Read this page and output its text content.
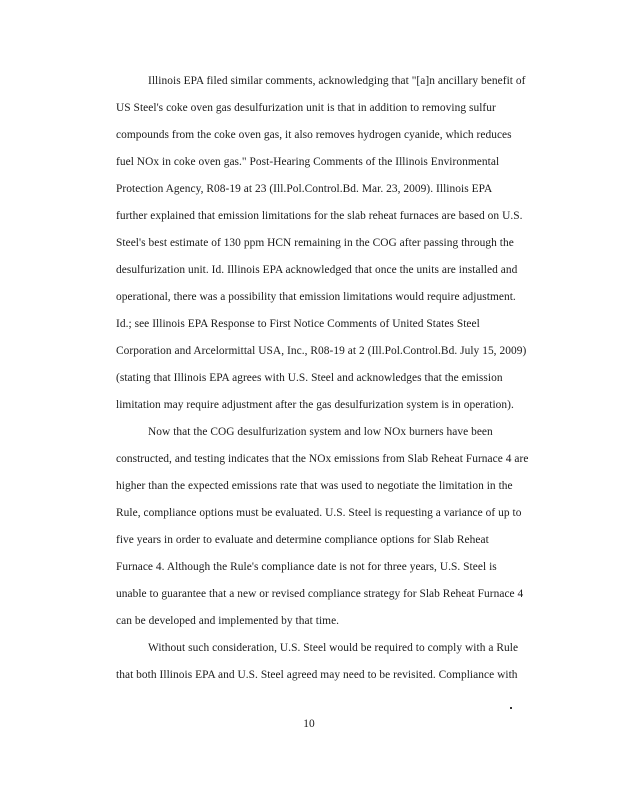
Illinois EPA filed similar comments, acknowledging that "[a]n ancillary benefit of
US Steel's coke oven gas desulfurization unit is that in addition to removing sulfur
compounds from the coke oven gas, it also removes hydrogen cyanide, which reduces
fuel NOx in coke oven gas." Post-Hearing Comments of the Illinois Environmental
Protection Agency, R08-19 at 23 (Ill.Pol.Control.Bd. Mar. 23, 2009). Illinois EPA
further explained that emission limitations for the slab reheat furnaces are based on U.S.
Steel's best estimate of 130 ppm HCN remaining in the COG after passing through the
desulfurization unit. Id. Illinois EPA acknowledged that once the units are installed and
operational, there was a possibility that emission limitations would require adjustment.
Id.; see Illinois EPA Response to First Notice Comments of United States Steel
Corporation and Arcelormittal USA, Inc., R08-19 at 2 (Ill.Pol.Control.Bd. July 15, 2009)
(stating that Illinois EPA agrees with U.S. Steel and acknowledges that the emission
limitation may require adjustment after the gas desulfurization system is in operation).
Now that the COG desulfurization system and low NOx burners have been
constructed, and testing indicates that the NOx emissions from Slab Reheat Furnace 4 are
higher than the expected emissions rate that was used to negotiate the limitation in the
Rule, compliance options must be evaluated. U.S. Steel is requesting a variance of up to
five years in order to evaluate and determine compliance options for Slab Reheat
Furnace 4. Although the Rule's compliance date is not for three years, U.S. Steel is
unable to guarantee that a new or revised compliance strategy for Slab Reheat Furnace 4
can be developed and implemented by that time.
Without such consideration, U.S. Steel would be required to comply with a Rule
that both Illinois EPA and U.S. Steel agreed may need to be revisited. Compliance with
10
